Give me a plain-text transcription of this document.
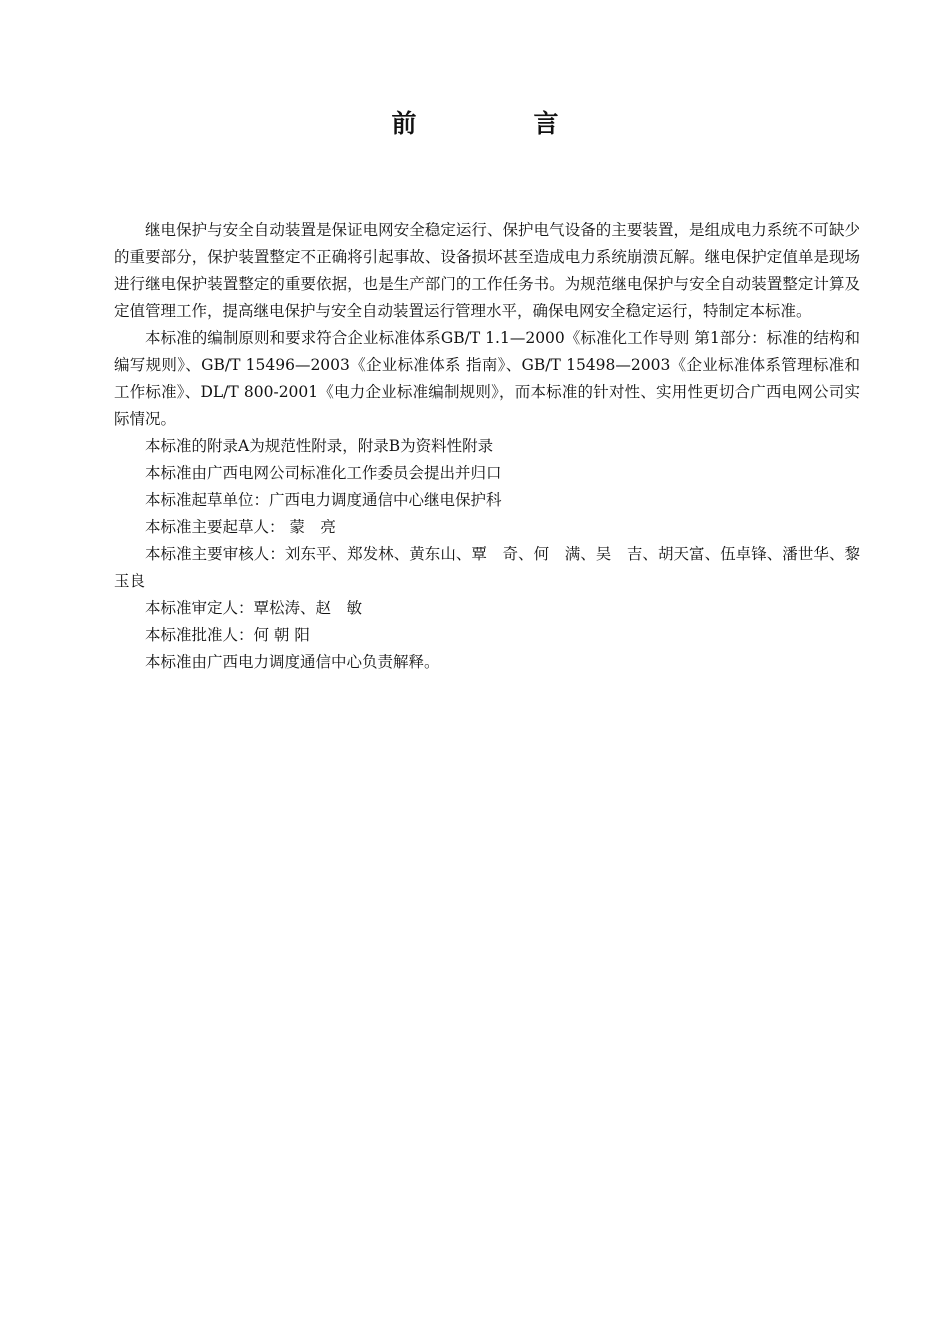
前　言

继电保护与安全自动装置是保证电网安全稳定运行、保护电气设备的主要装置，是组成电力系统不可缺少的重要部分，保护装置整定不正确将引起事故、设备损坏甚至造成电力系统崩溃瓦解。继电保护定值单是现场进行继电保护装置整定的重要依据，也是生产部门的工作任务书。为规范继电保护与安全自动装置整定计算及定值管理工作，提高继电保护与安全自动装置运行管理水平，确保电网安全稳定运行，特制定本标准。

本标准的编制原则和要求符合企业标准体系GB/T 1.1—2000《标准化工作导则 第1部分：标准的结构和编写规则》、GB/T 15496—2003《企业标准体系 指南》、GB/T 15498—2003《企业标准体系管理标准和工作标准》、DL/T 800-2001《电力企业标准编制规则》，而本标准的针对性、实用性更切合广西电网公司实际情况。

本标准的附录A为规范性附录，附录B为资料性附录

本标准由广西电网公司标准化工作委员会提出并归口

本标准起草单位：广西电力调度通信中心继电保护科

本标准主要起草人： 蒙　亮

本标准主要审核人：刘东平、郑发林、黄东山、覃　奇、何　满、吴　吉、胡天富、伍卓锋、潘世华、黎玉良

本标准审定人：覃松涛、赵　敏

本标准批准人：何 朝 阳

本标准由广西电力调度通信中心负责解释。
